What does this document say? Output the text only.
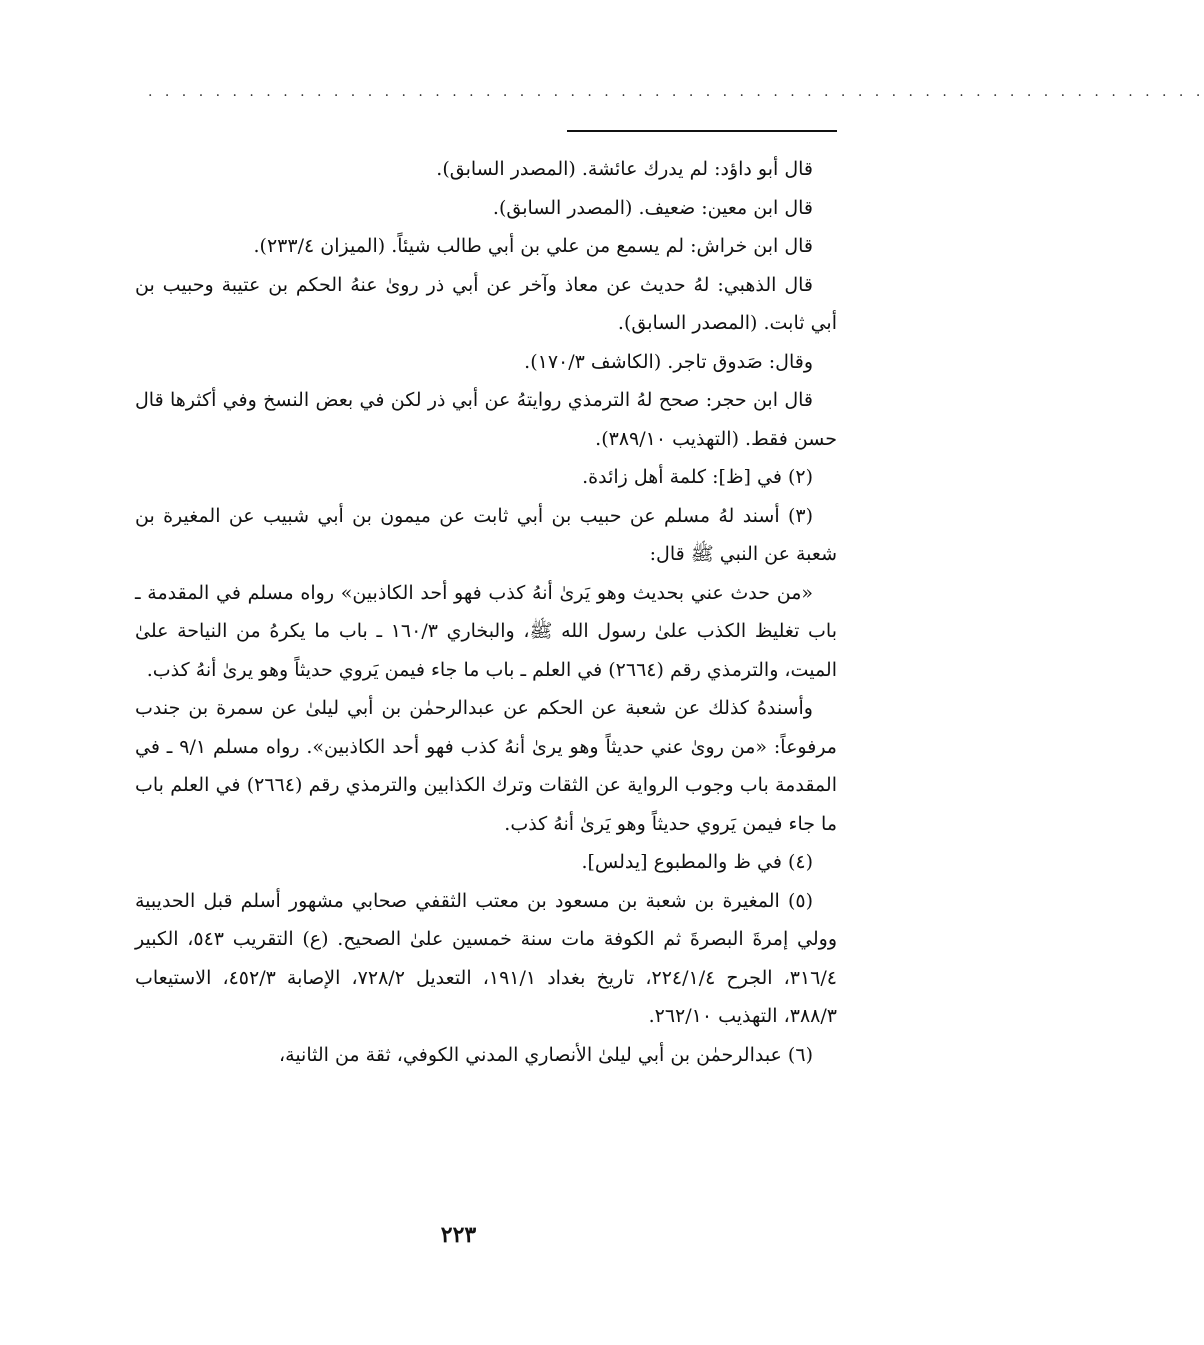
. . . . . . . . . . . . . . . . . . . . . . . . . . . . . . . . . . . . . . . . . . . . . . . . . . . . . . . . . . . . . . .

قال أبو داؤد: لم يدرك عائشة. (المصدر السابق).

قال ابن معين: ضعيف. (المصدر السابق).

قال ابن خراش: لم يسمع من علي بن أبي طالب شيئاً. (الميزان ٢٣٣/٤).

قال الذهبي: لهُ حديث عن معاذ وآخر عن أبي ذر روىٰ عنهُ الحكم بن عتيبة وحبيب بن أبي ثابت. (المصدر السابق).

وقال: صَدوق تاجر. (الكاشف ١٧٠/٣).

قال ابن حجر: صحح لهُ الترمذي روايتهُ عن أبي ذر لكن في بعض النسخ وفي أكثرها قال حسن فقط. (التهذيب ٣٨٩/١٠).

(٢) في [ظ]: كلمة أهل زائدة.

(٣) أسند لهُ مسلم عن حبيب بن أبي ثابت عن ميمون بن أبي شبيب عن المغيرة بن شعبة عن النبي ﷺ قال:

«من حدث عني بحديث وهو يَرىٰ أنهُ كذب فهو أحد الكاذبين» رواه مسلم في المقدمة ـ باب تغليظ الكذب علىٰ رسول الله ﷺ، والبخاري ١٦٠/٣ ـ باب ما يكرهُ من النياحة علىٰ الميت، والترمذي رقم (٢٦٦٤) في العلم ـ باب ما جاء فيمن يَروي حديثاً وهو يرىٰ أنهُ كذب.

وأسندهُ كذلك عن شعبة عن الحكم عن عبدالرحمٰن بن أبي ليلىٰ عن سمرة بن جندب مرفوعاً: «من روىٰ عني حديثاً وهو يرىٰ أنهُ كذب فهو أحد الكاذبين». رواه مسلم ٩/١ ـ في المقدمة باب وجوب الرواية عن الثقات وترك الكذابين والترمذي رقم (٢٦٦٤) في العلم باب ما جاء فيمن يَروي حديثاً وهو يَرىٰ أنهُ كذب.

(٤) في ظ والمطبوع [يدلس].

(٥) المغيرة بن شعبة بن مسعود بن معتب الثقفي صحابي مشهور أسلم قبل الحديبية وولي إمرةَ البصرةَ ثم الكوفة مات سنة خمسين علىٰ الصحيح. (ع) التقريب ٥٤٣، الكبير ٣١٦/٤، الجرح ٢٢٤/١/٤، تاريخ بغداد ١٩١/١، التعديل ٧٢٨/٢، الإصابة ٤٥٢/٣، الاستيعاب ٣٨٨/٣، التهذيب ٢٦٢/١٠.

(٦) عبدالرحمٰن بن أبي ليلىٰ الأنصاري المدني الكوفي، ثقة من الثانية،

٢٢٣
